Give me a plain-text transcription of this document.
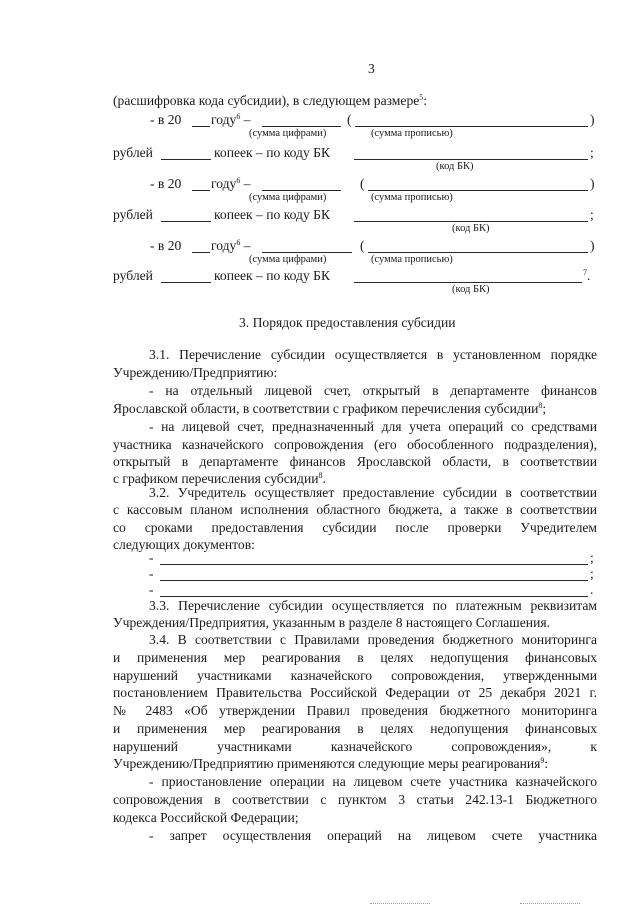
3
(расшифровка кода субсидии), в следующем размере$^5$:
- в 20 году$^6$ –	(	)
(сумма цифрами)	(сумма прописью)
рублей	копеек – по коду БК	;
(код БК)
- в 20 году$^6$ –	(	)
(сумма цифрами)	(сумма прописью)
рублей	копеек – по коду БК	;
(код БК)
- в 20 году$^6$ –	(	)
(сумма цифрами)	(сумма прописью)
рублей	копеек – по коду БК	$^7$.
(код БК)
3. Порядок предоставления субсидии
3.1. Перечисление субсидии осуществляется в установленном порядке
Учреждению/Предприятию:
- на отдельный лицевой счет, открытый в департаменте финансов
Ярославской области, в соответствии с графиком перечисления субсидии$^8$;
- на лицевой счет, предназначенный для учета операций со средствами
участника казначейского сопровождения (его обособленного подразделения),
открытый в департаменте финансов Ярославской области, в соответствии
с графиком перечисления субсидии$^8$.
3.2. Учредитель осуществляет предоставление субсидии в соответствии
с кассовым планом исполнения областного бюджета, а также в соответствии
со сроками предоставления субсидии после проверки Учредителем
следующих документов:
-	;
-	;
-	.
3.3. Перечисление субсидии осуществляется по платежным реквизитам
Учреждения/Предприятия, указанным в разделе 8 настоящего Соглашения.
3.4. В соответствии с Правилами проведения бюджетного мониторинга
и применения мер реагирования в целях недопущения финансовых
нарушений участниками казначейского сопровождения, утвержденными
постановлением Правительства Российской Федерации от 25 декабря 2021 г.
№ 2483 «Об утверждении Правил проведения бюджетного мониторинга
и применения мер реагирования в целях недопущения финансовых
нарушений участниками казначейского сопровождения», к
Учреждению/Предприятию применяются следующие меры реагирования$^9$:
- приостановление операции на лицевом счете участника казначейского
сопровождения в соответствии с пунктом 3 статьи 242.13-1 Бюджетного
кодекса Российской Федерации;
- запрет осуществления операций на лицевом счете участника
